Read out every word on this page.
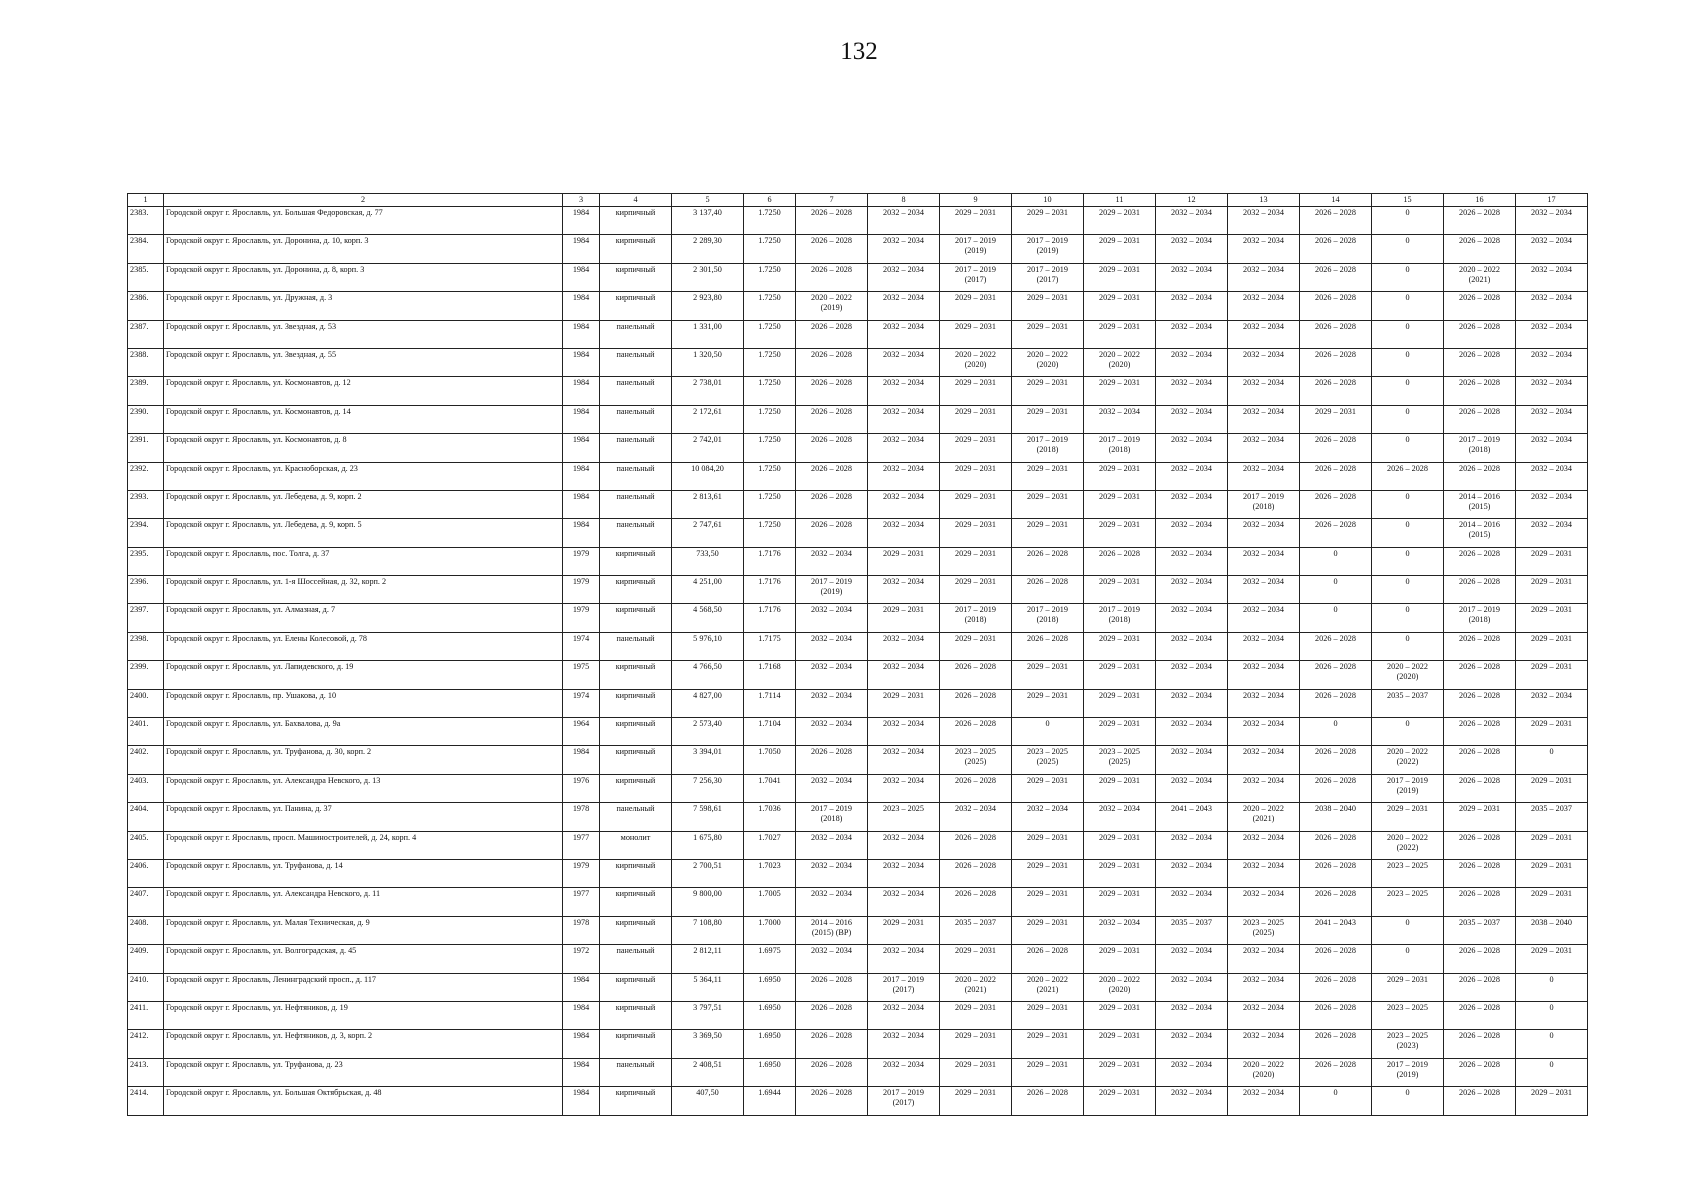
132
1	2	3	4	5	6	7	8	9	10	11	12	13	14	15	16	17
2383.	Городской округ г. Ярославль, ул. Большая Федоровская, д. 77	1984	кирпичный	3 137,40	1.7250	2026 – 2028	2032 – 2034	2029 – 2031	2029 – 2031	2029 – 2031	2032 – 2034	2032 – 2034	2026 – 2028	0	2026 – 2028	2032 – 2034
2384.	Городской округ г. Ярославль, ул. Доронина, д. 10, корп. 3	1984	кирпичный	2 289,30	1.7250	2026 – 2028	2032 – 2034	2017 – 2019
(2019)	2017 – 2019
(2019)	2029 – 2031	2032 – 2034	2032 – 2034	2026 – 2028	0	2026 – 2028	2032 – 2034
2385.	Городской округ г. Ярославль, ул. Доронина, д. 8, корп. 3	1984	кирпичный	2 301,50	1.7250	2026 – 2028	2032 – 2034	2017 – 2019
(2017)	2017 – 2019
(2017)	2029 – 2031	2032 – 2034	2032 – 2034	2026 – 2028	0	2020 – 2022
(2021)	2032 – 2034
2386.	Городской округ г. Ярославль, ул. Дружная, д. 3	1984	кирпичный	2 923,80	1.7250	2020 – 2022
(2019)	2032 – 2034	2029 – 2031	2029 – 2031	2029 – 2031	2032 – 2034	2032 – 2034	2026 – 2028	0	2026 – 2028	2032 – 2034
2387.	Городской округ г. Ярославль, ул. Звездная, д. 53	1984	панельный	1 331,00	1.7250	2026 – 2028	2032 – 2034	2029 – 2031	2029 – 2031	2029 – 2031	2032 – 2034	2032 – 2034	2026 – 2028	0	2026 – 2028	2032 – 2034
2388.	Городской округ г. Ярославль, ул. Звездная, д. 55	1984	панельный	1 320,50	1.7250	2026 – 2028	2032 – 2034	2020 – 2022
(2020)	2020 – 2022
(2020)	2020 – 2022
(2020)	2032 – 2034	2032 – 2034	2026 – 2028	0	2026 – 2028	2032 – 2034
2389.	Городской округ г. Ярославль, ул. Космонавтов, д. 12	1984	панельный	2 738,01	1.7250	2026 – 2028	2032 – 2034	2029 – 2031	2029 – 2031	2029 – 2031	2032 – 2034	2032 – 2034	2026 – 2028	0	2026 – 2028	2032 – 2034
2390.	Городской округ г. Ярославль, ул. Космонавтов, д. 14	1984	панельный	2 172,61	1.7250	2026 – 2028	2032 – 2034	2029 – 2031	2029 – 2031	2032 – 2034	2032 – 2034	2032 – 2034	2029 – 2031	0	2026 – 2028	2032 – 2034
2391.	Городской округ г. Ярославль, ул. Космонавтов, д. 8	1984	панельный	2 742,01	1.7250	2026 – 2028	2032 – 2034	2029 – 2031	2017 – 2019
(2018)	2017 – 2019
(2018)	2032 – 2034	2032 – 2034	2026 – 2028	0	2017 – 2019
(2018)	2032 – 2034
2392.	Городской округ г. Ярославль, ул. Красноборская, д. 23	1984	панельный	10 084,20	1.7250	2026 – 2028	2032 – 2034	2029 – 2031	2029 – 2031	2029 – 2031	2032 – 2034	2032 – 2034	2026 – 2028	2026 – 2028	2026 – 2028	2032 – 2034
2393.	Городской округ г. Ярославль, ул. Лебедева, д. 9, корп. 2	1984	панельный	2 813,61	1.7250	2026 – 2028	2032 – 2034	2029 – 2031	2029 – 2031	2029 – 2031	2032 – 2034	2017 – 2019
(2018)	2026 – 2028	0	2014 – 2016
(2015)	2032 – 2034
2394.	Городской округ г. Ярославль, ул. Лебедева, д. 9, корп. 5	1984	панельный	2 747,61	1.7250	2026 – 2028	2032 – 2034	2029 – 2031	2029 – 2031	2029 – 2031	2032 – 2034	2032 – 2034	2026 – 2028	0	2014 – 2016
(2015)	2032 – 2034
2395.	Городской округ г. Ярославль, пос. Толга, д. 37	1979	кирпичный	733,50	1.7176	2032 – 2034	2029 – 2031	2029 – 2031	2026 – 2028	2026 – 2028	2032 – 2034	2032 – 2034	0	0	2026 – 2028	2029 – 2031
2396.	Городской округ г. Ярославль, ул. 1-я Шоссейная, д. 32, корп. 2	1979	кирпичный	4 251,00	1.7176	2017 – 2019
(2019)	2032 – 2034	2029 – 2031	2026 – 2028	2029 – 2031	2032 – 2034	2032 – 2034	0	0	2026 – 2028	2029 – 2031
2397.	Городской округ г. Ярославль, ул. Алмазная, д. 7	1979	кирпичный	4 568,50	1.7176	2032 – 2034	2029 – 2031	2017 – 2019
(2018)	2017 – 2019
(2018)	2017 – 2019
(2018)	2032 – 2034	2032 – 2034	0	0	2017 – 2019
(2018)	2029 – 2031
2398.	Городской округ г. Ярославль, ул. Елены Колесовой, д. 78	1974	панельный	5 976,10	1.7175	2032 – 2034	2032 – 2034	2029 – 2031	2026 – 2028	2029 – 2031	2032 – 2034	2032 – 2034	2026 – 2028	0	2026 – 2028	2029 – 2031
2399.	Городской округ г. Ярославль, ул. Лапидевского, д. 19	1975	кирпичный	4 766,50	1.7168	2032 – 2034	2032 – 2034	2026 – 2028	2029 – 2031	2029 – 2031	2032 – 2034	2032 – 2034	2026 – 2028	2020 – 2022
(2020)	2026 – 2028	2029 – 2031
2400.	Городской округ г. Ярославль, пр. Ушакова, д. 10	1974	кирпичный	4 827,00	1.7114	2032 – 2034	2029 – 2031	2026 – 2028	2029 – 2031	2029 – 2031	2032 – 2034	2032 – 2034	2026 – 2028	2035 – 2037	2026 – 2028	2032 – 2034
2401.	Городской округ г. Ярославль, ул. Бахвалова, д. 9а	1964	кирпичный	2 573,40	1.7104	2032 – 2034	2032 – 2034	2026 – 2028	0	2029 – 2031	2032 – 2034	2032 – 2034	0	0	2026 – 2028	2029 – 2031
2402.	Городской округ г. Ярославль, ул. Труфанова, д. 30, корп. 2	1984	кирпичный	3 394,01	1.7050	2026 – 2028	2032 – 2034	2023 – 2025
(2025)	2023 – 2025
(2025)	2023 – 2025
(2025)	2032 – 2034	2032 – 2034	2026 – 2028	2020 – 2022
(2022)	2026 – 2028	0
2403.	Городской округ г. Ярославль, ул. Александра Невского, д. 13	1976	кирпичный	7 256,30	1.7041	2032 – 2034	2032 – 2034	2026 – 2028	2029 – 2031	2029 – 2031	2032 – 2034	2032 – 2034	2026 – 2028	2017 – 2019
(2019)	2026 – 2028	2029 – 2031
2404.	Городской округ г. Ярославль, ул. Панина, д. 37	1978	панельный	7 598,61	1.7036	2017 – 2019
(2018)	2023 – 2025	2032 – 2034	2032 – 2034	2032 – 2034	2041 – 2043	2020 – 2022
(2021)	2038 – 2040	2029 – 2031	2029 – 2031	2035 – 2037
2405.	Городской округ г. Ярославль, просп. Машиностроителей, д. 24, корп. 4	1977	монолит	1 675,80	1.7027	2032 – 2034	2032 – 2034	2026 – 2028	2029 – 2031	2029 – 2031	2032 – 2034	2032 – 2034	2026 – 2028	2020 – 2022
(2022)	2026 – 2028	2029 – 2031
2406.	Городской округ г. Ярославль, ул. Труфанова, д. 14	1979	кирпичный	2 700,51	1.7023	2032 – 2034	2032 – 2034	2026 – 2028	2029 – 2031	2029 – 2031	2032 – 2034	2032 – 2034	2026 – 2028	2023 – 2025	2026 – 2028	2029 – 2031
2407.	Городской округ г. Ярославль, ул. Александра Невского, д. 11	1977	кирпичный	9 800,00	1.7005	2032 – 2034	2032 – 2034	2026 – 2028	2029 – 2031	2029 – 2031	2032 – 2034	2032 – 2034	2026 – 2028	2023 – 2025	2026 – 2028	2029 – 2031
2408.	Городской округ г. Ярославль, ул. Малая Техническая, д. 9	1978	кирпичный	7 108,80	1.7000	2014 – 2016
(2015) (ВР)	2029 – 2031	2035 – 2037	2029 – 2031	2032 – 2034	2035 – 2037	2023 – 2025
(2025)	2041 – 2043	0	2035 – 2037	2038 – 2040
2409.	Городской округ г. Ярославль, ул. Волгоградская, д. 45	1972	панельный	2 812,11	1.6975	2032 – 2034	2032 – 2034	2029 – 2031	2026 – 2028	2029 – 2031	2032 – 2034	2032 – 2034	2026 – 2028	0	2026 – 2028	2029 – 2031
2410.	Городской округ г. Ярославль, Ленинградский просп., д. 117	1984	кирпичный	5 364,11	1.6950	2026 – 2028	2017 – 2019
(2017)	2020 – 2022
(2021)	2020 – 2022
(2021)	2020 – 2022
(2020)	2032 – 2034	2032 – 2034	2026 – 2028	2029 – 2031	2026 – 2028	0
2411.	Городской округ г. Ярославль, ул. Нефтяников, д. 19	1984	кирпичный	3 797,51	1.6950	2026 – 2028	2032 – 2034	2029 – 2031	2029 – 2031	2029 – 2031	2032 – 2034	2032 – 2034	2026 – 2028	2023 – 2025	2026 – 2028	0
2412.	Городской округ г. Ярославль, ул. Нефтяников, д. 3, корп. 2	1984	кирпичный	3 369,50	1.6950	2026 – 2028	2032 – 2034	2029 – 2031	2029 – 2031	2029 – 2031	2032 – 2034	2032 – 2034	2026 – 2028	2023 – 2025
(2023)	2026 – 2028	0
2413.	Городской округ г. Ярославль, ул. Труфанова, д. 23	1984	панельный	2 408,51	1.6950	2026 – 2028	2032 – 2034	2029 – 2031	2029 – 2031	2029 – 2031	2032 – 2034	2020 – 2022
(2020)	2026 – 2028	2017 – 2019
(2019)	2026 – 2028	0
2414.	Городской округ г. Ярославль, ул. Большая Октябрьская, д. 48	1984	кирпичный	407,50	1.6944	2026 – 2028	2017 – 2019
(2017)	2029 – 2031	2026 – 2028	2029 – 2031	2032 – 2034	2032 – 2034	0	0	2026 – 2028	2029 – 2031
